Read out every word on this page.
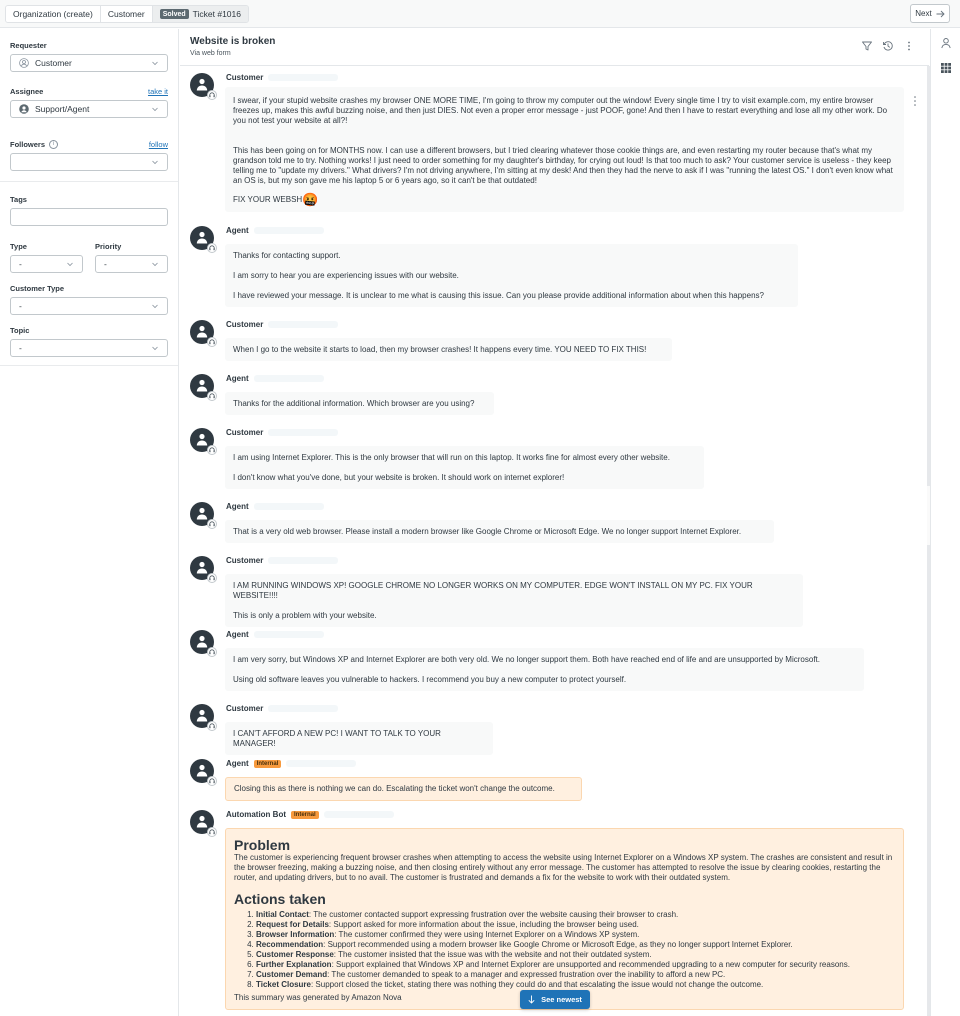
Organization (create) Customer	Solved Ticket #1016	Next
Requester
Customer
Assignee	take it
Support/Agent
Followers	i	follow
Tags
Type
-
Priority
-
Customer Type
-
Topic
-
Website is broken
Via web form
Customer

I swear, if your stupid website crashes my browser ONE MORE TIME, I'm going to throw my computer out the window! Every single time I try to visit example.com, my entire browser freezes up, makes this awful buzzing noise, and then just DIES. Not even a proper error message - just POOF, gone! And then I have to restart everything and lose all my other work. Do you not test your website at all?!

This has been going on for MONTHS now. I can use a different browsers, but I tried clearing whatever those cookie things are, and even restarting my router because that's what my grandson told me to try. Nothing works! I just need to order something for my daughter's birthday, for crying out loud! Is that too much to ask? Your customer service is useless - they keep telling me to "update my drivers." What drivers? I'm not driving anywhere, I'm sitting at my desk! And then they had the nerve to ask if I was "running the latest OS." I don't even know what an OS is, but my son gave me his laptop 5 or 6 years ago, so it can't be that outdated!

FIX YOUR WEBSH🤬

Agent

Thanks for contacting support.

I am sorry to hear you are experiencing issues with our website.

I have reviewed your message. It is unclear to me what is causing this issue. Can you please provide additional information about when this happens?

Customer

When I go to the website it starts to load, then my browser crashes! It happens every time. YOU NEED TO FIX THIS!

Agent

Thanks for the additional information. Which browser are you using?

Customer

I am using Internet Explorer. This is the only browser that will run on this laptop. It works fine for almost every other website.

I don't know what you've done, but your website is broken. It should work on internet explorer!

Agent

That is a very old web browser. Please install a modern browser like Google Chrome or Microsoft Edge. We no longer support Internet Explorer.

Customer

I AM RUNNING WINDOWS XP! GOOGLE CHROME NO LONGER WORKS ON MY COMPUTER. EDGE WON'T INSTALL ON MY PC. FIX YOUR WEBSITE!!!!

This is only a problem with your website.

Agent

I am very sorry, but Windows XP and Internet Explorer are both very old. We no longer support them. Both have reached end of life and are unsupported by Microsoft.

Using old software leaves you vulnerable to hackers. I recommend you buy a new computer to protect yourself.

Customer

I CAN'T AFFORD A NEW PC! I WANT TO TALK TO YOUR MANAGER!

Agent	Internal

Closing this as there is nothing we can do. Escalating the ticket won't change the outcome.

Automation Bot	Internal
Problem
The customer is experiencing frequent browser crashes when attempting to access the website using Internet Explorer on a Windows XP system. The crashes are consistent and result in the browser freezing, making a buzzing noise, and then closing entirely without any error message. The customer has attempted to resolve the issue by clearing cookies, restarting the router, and updating drivers, but to no avail. The customer is frustrated and demands a fix for the website to work with their outdated system.
Actions taken
1. Initial Contact: The customer contacted support expressing frustration over the website causing their browser to crash.
2. Request for Details: Support asked for more information about the issue, including the browser being used.
3. Browser Information: The customer confirmed they were using Internet Explorer on a Windows XP system.
4. Recommendation: Support recommended using a modern browser like Google Chrome or Microsoft Edge, as they no longer support Internet Explorer.
5. Customer Response: The customer insisted that the issue was with the website and not their outdated system.
6. Further Explanation: Support explained that Windows XP and Internet Explorer are unsupported and recommended upgrading to a new computer for security reasons.
7. Customer Demand: The customer demanded to speak to a manager and expressed frustration over the inability to afford a new PC.
8. Ticket Closure: Support closed the ticket, stating there was nothing they could do and that escalating the issue would not change the outcome.
This summary was generated by Amazon Nova	See newest
